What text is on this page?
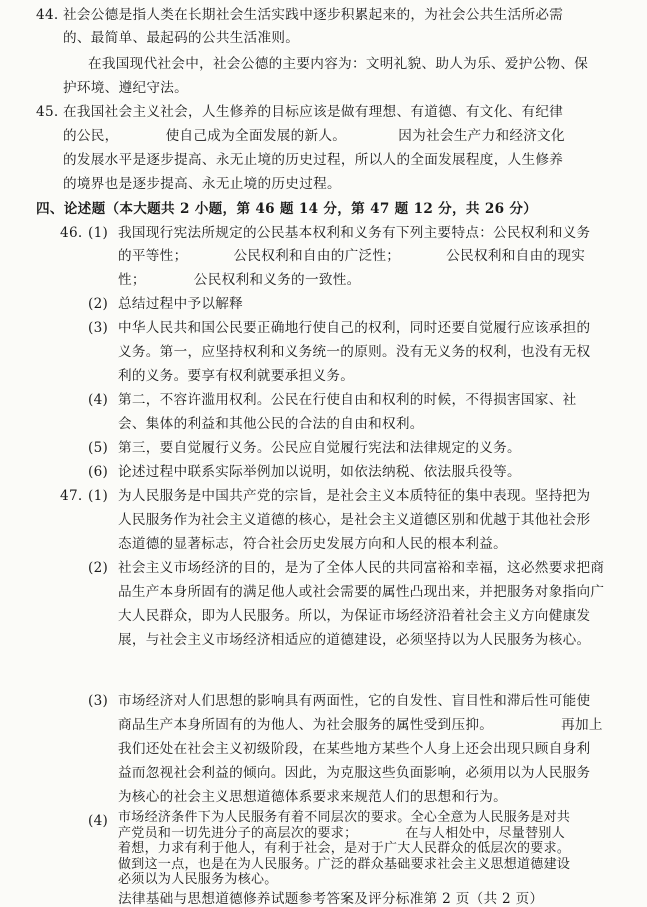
44. 社会公德是指人类在长期社会生活实践中逐步积累起来的，为社会公共生活所必需
的、最简单、最起码的公共生活准则。
在我国现代社会中，社会公德的主要内容为：文明礼貌、助人为乐、爱护公物、保
护环境、遵纪守法。
45. 在我国社会主义社会，人生修养的目标应该是做有理想、有道德、有文化、有纪律
的公民，	使自己成为全面发展的新人。	因为社会生产力和经济文化
的发展水平是逐步提高、永无止境的历史过程，所以人的全面发展程度，人生修养
的境界也是逐步提高、永无止境的历史过程。
四、论述题（本大题共 2 小题，第 46 题 14 分，第 47 题 12 分，共 26 分）
46. (1) 我国现行宪法所规定的公民基本权利和义务有下列主要特点：公民权利和义务
的平等性；	公民权利和自由的广泛性；	公民权利和自由的现实
性；	公民权利和义务的一致性。
(2) 总结过程中予以解释
(3) 中华人民共和国公民要正确地行使自己的权利，同时还要自觉履行应该承担的
义务。第一，应坚持权利和义务统一的原则。没有无义务的权利，也没有无权
利的义务。要享有权利就要承担义务。
(4) 第二，不容许滥用权利。公民在行使自由和权利的时候，不得损害国家、社
会、集体的利益和其他公民的合法的自由和权利。
(5) 第三，要自觉履行义务。公民应自觉履行宪法和法律规定的义务。
(6) 论述过程中联系实际举例加以说明，如依法纳税、依法服兵役等。
47. (1) 为人民服务是中国共产党的宗旨，是社会主义本质特征的集中表现。坚持把为
人民服务作为社会主义道德的核心，是社会主义道德区别和优越于其他社会形
态道德的显著标志，符合社会历史发展方向和人民的根本利益。
(2) 社会主义市场经济的目的，是为了全体人民的共同富裕和幸福，这必然要求把商
品生产本身所固有的满足他人或社会需要的属性凸现出来，并把服务对象指向广
大人民群众，即为人民服务。所以，为保证市场经济沿着社会主义方向健康发
展，与社会主义市场经济相适应的道德建设，必须坚持以为人民服务为核心。
(3) 市场经济对人们思想的影响具有两面性，它的自发性、盲目性和滞后性可能使
商品生产本身所固有的为他人、为社会服务的属性受到压抑。	再加上
我们还处在社会主义初级阶段，在某些地方某些个人身上还会出现只顾自身利
益而忽视社会利益的倾向。因此，为克服这些负面影响，必须用以为人民服务
为核心的社会主义思想道德体系要求来规范人们的思想和行为。
(4) 市场经济条件下为人民服务有着不同层次的要求。全心全意为人民服务是对共
产党员和一切先进分子的高层次的要求；	在与人相处中，尽量替别人
着想，力求有利于他人，有利于社会，是对于广大人民群众的低层次的要求。
法律基础与思想道德修养试题参考答案及评分标准第 2 页（共 2 页）
做到这一点，也是在为人民服务。广泛的群众基础要求社会主义思想道德建设
必须以为人民服务为核心。
